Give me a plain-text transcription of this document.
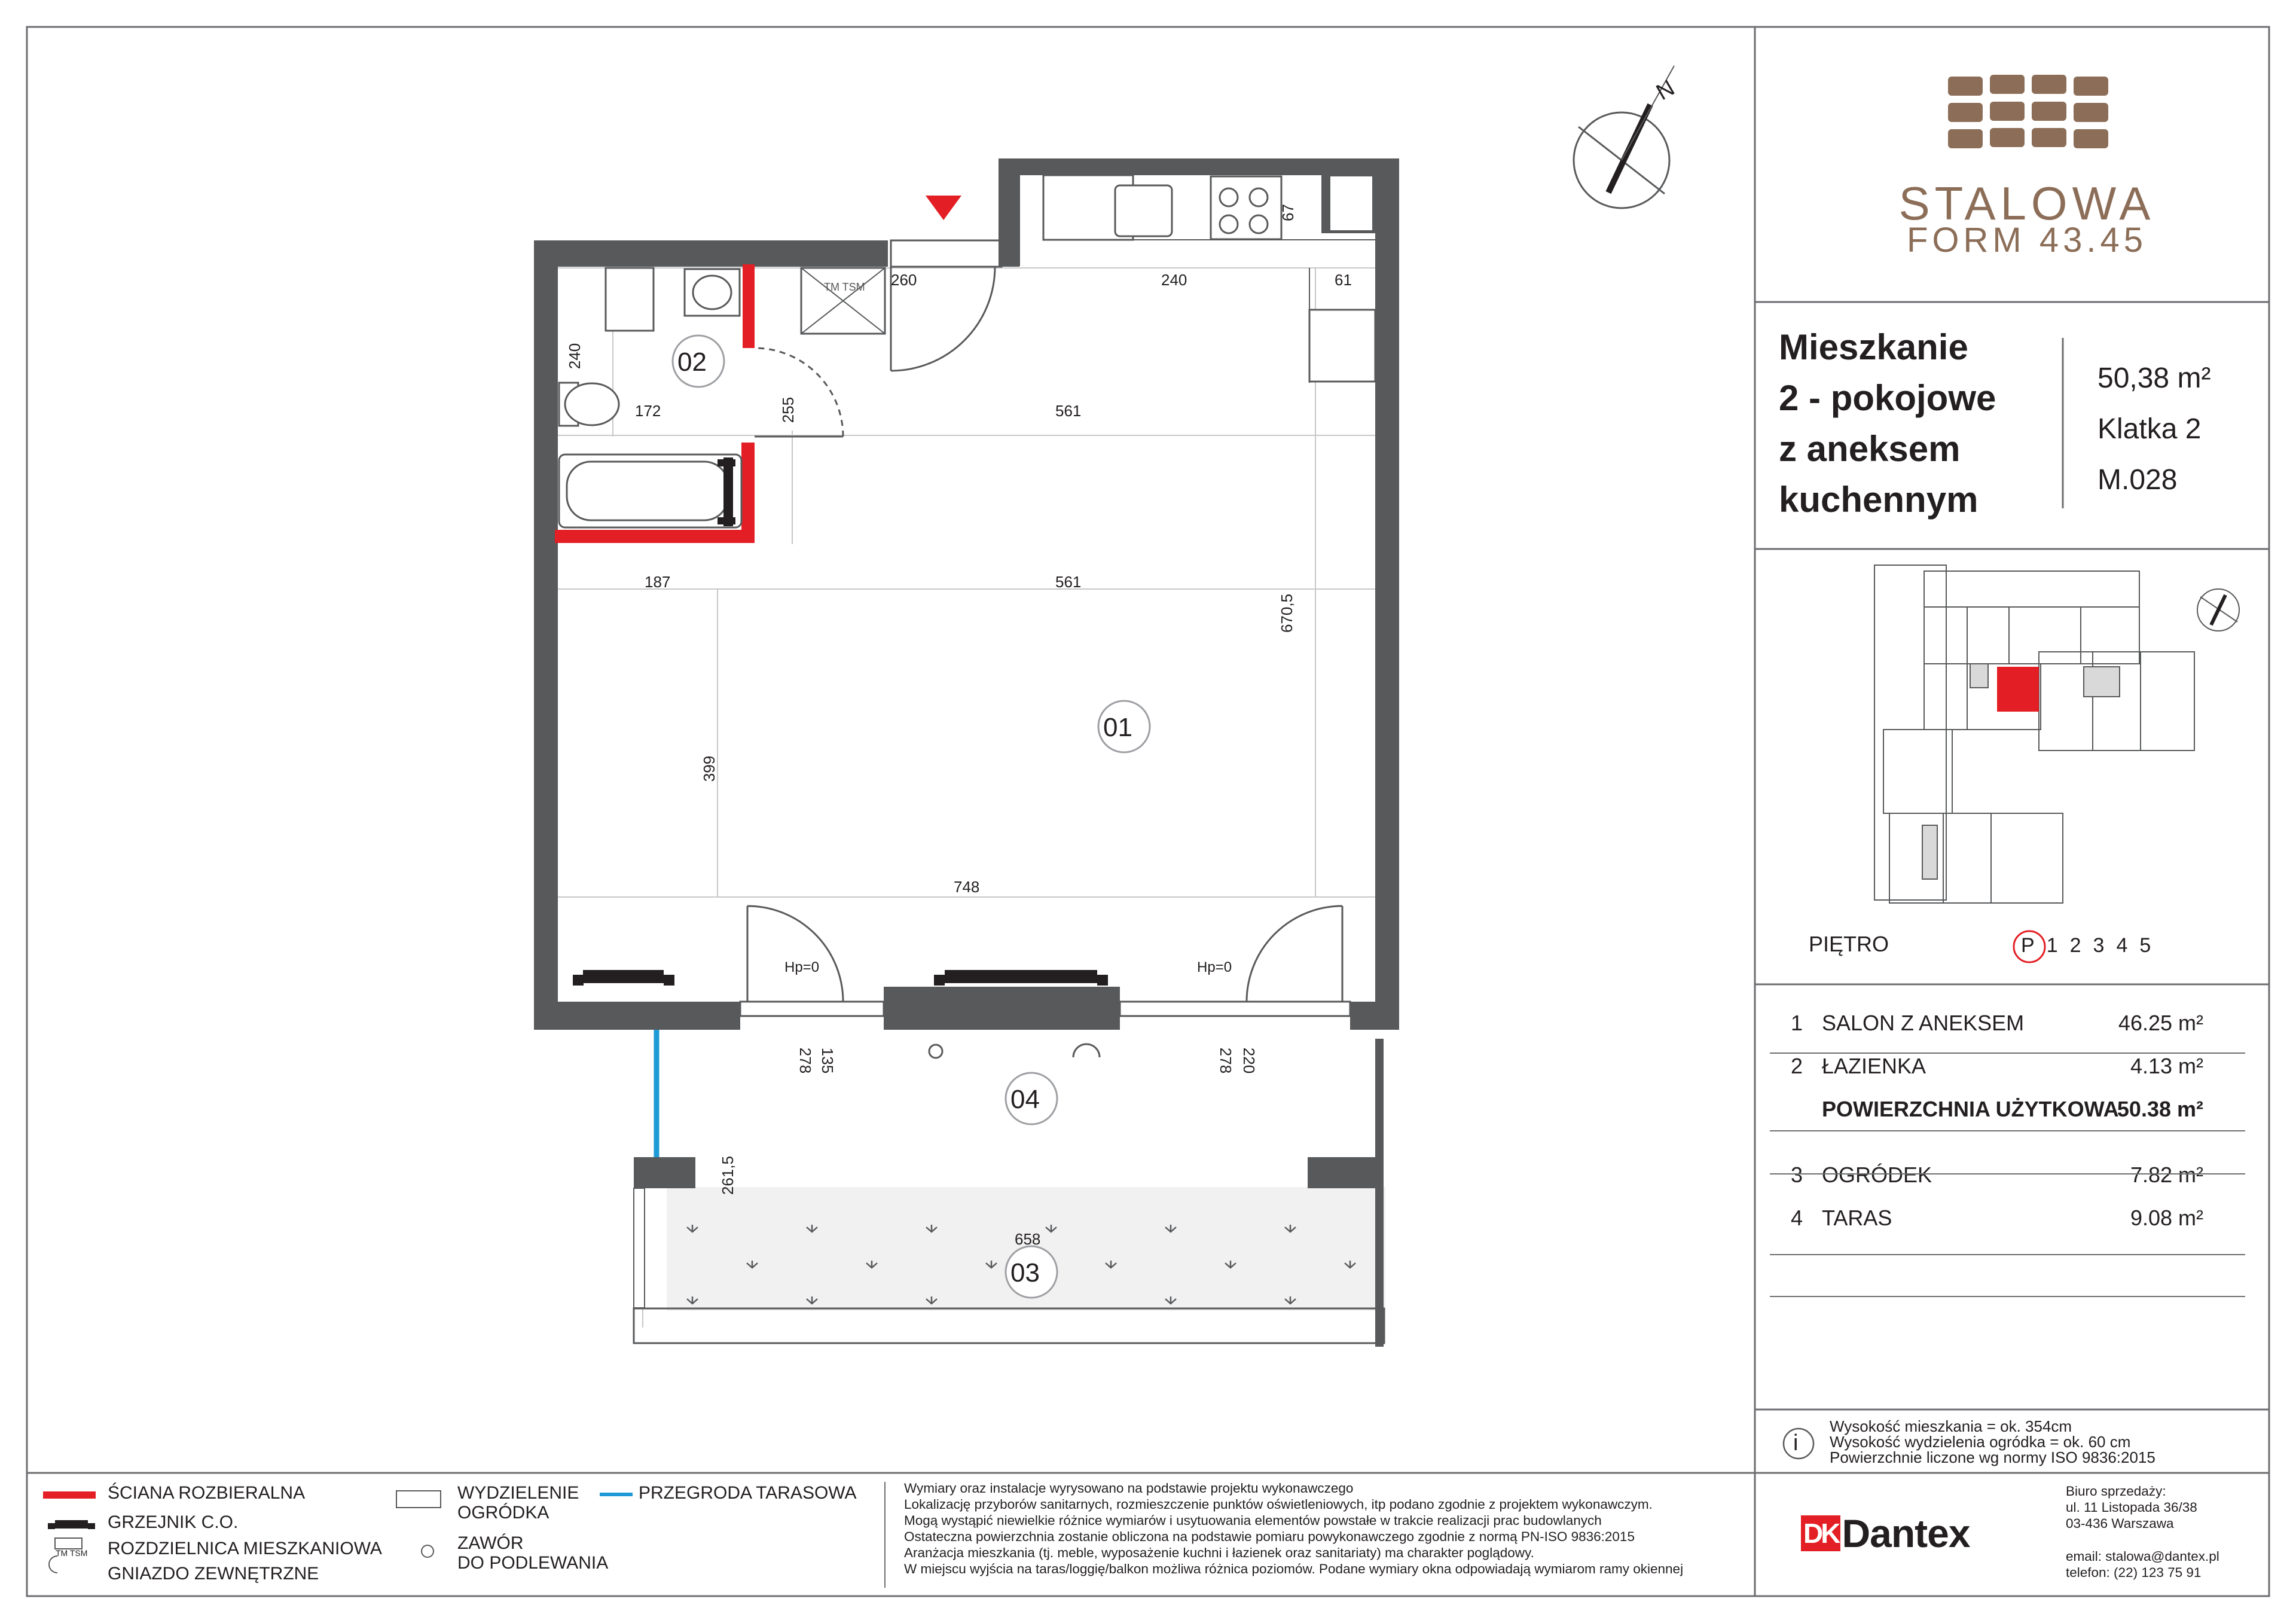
STALOWA
FORM 43.45
Mieszkanie
2 - pokojowe
z aneksem
kuchennym
50,38 m²
Klatka 2
M.028
PIĘTRO	P 1 2 3 4 5
1 SALON Z ANEKSEM	46.25 m²
2 ŁAZIENKA	4.13 m²
POWIERZCHNIA UŻYTKOWA
50.38 m²
3 OGRÓDEK	7.82 m²
4 TARAS	9.08 m²
i
Wysokość mieszkania = ok. 354cm
Wysokość wydzielenia ogródka = ok. 60 cm
Powierzchnie liczone wg normy ISO 9836:2015
ŚCIANA ROZBIERALNA
GRZEJNIK C.O.
TM TSM ROZDZIELNICA MIESZKANIOWA
GNIAZDO ZEWNĘTRZNE
WYDZIELENIE
OGRÓDKA
ZAWÓR
DO PODLEWANIA
PRZEGRODA TARASOWA	Wymiary oraz instalacje wyrysowano na podstawie projektu wykonawczego
Lokalizację przyborów sanitarnych, rozmieszczenie punktów oświetleniowych, itp podano zgodnie z projektem wykonawczym.
Mogą wystąpić niewielkie różnice wymiarów i usytuowania elementów powstałe w trakcie realizacji prac budowlanych
Ostateczna powierzchnia zostanie obliczona na podstawie pomiaru powykonawczego zgodnie z normą PN-ISO 9836:2015
Aranżacja mieszkania (tj. meble, wyposażenie kuchni i łazienek oraz sanitariaty) ma charakter poglądowy.
W miejscu wyjścia na taras/loggię/balkon możliwa różnica poziomów. Podane wymiary okna odpowiadają wymiarom ramy okiennej
DK Dantex
Biuro sprzedaży:
ul. 11 Listopada 36/38
03-436 Warszawa
email: stalowa@dantex.pl
telefon: (22) 123 75 91
01
02
03
04
N
TM TSM 260	240	61
67
240
172	255	561
187	561
670,5
399
748
Hp=0	Hp=0
135
278	220
278
261,5
658
